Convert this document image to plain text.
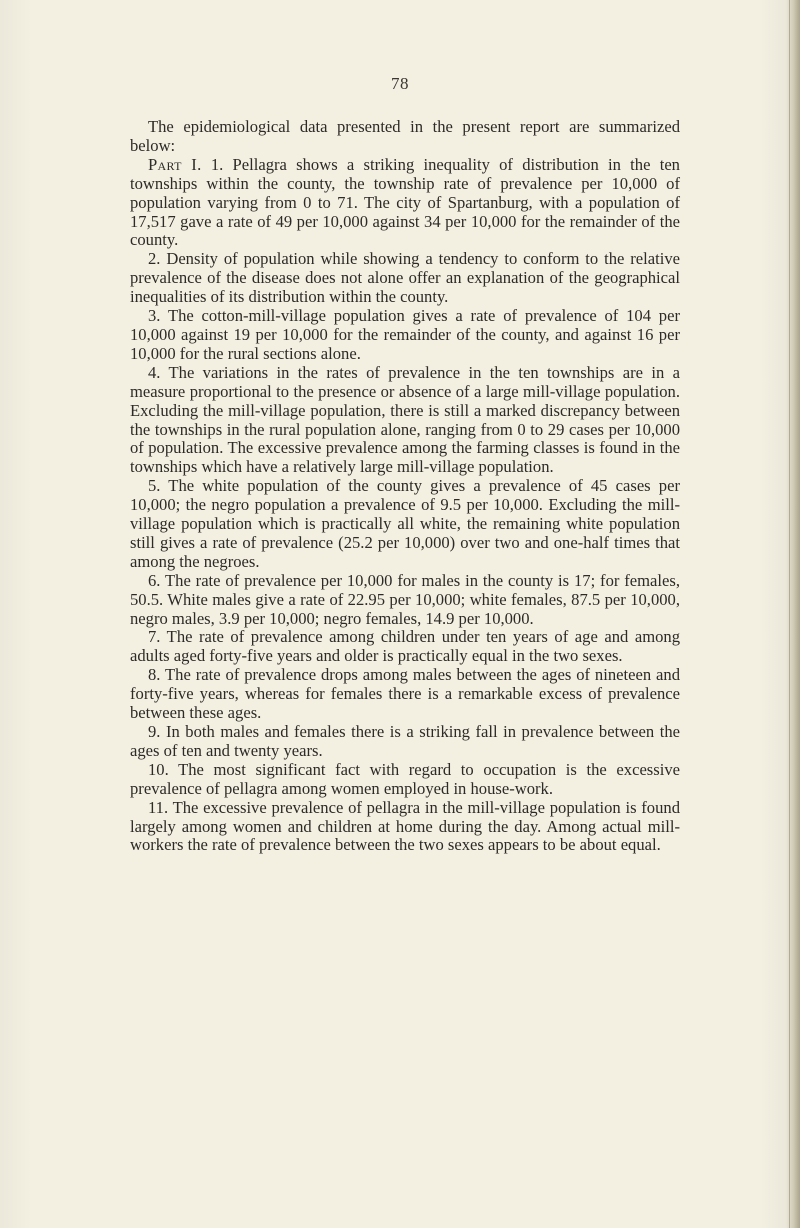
78

The epidemiological data presented in the present report are summarized below:

Part I. 1. Pellagra shows a striking inequality of distribution in the ten townships within the county, the township rate of prevalence per 10,000 of population varying from 0 to 71. The city of Spartanburg, with a population of 17,517 gave a rate of 49 per 10,000 against 34 per 10,000 for the remainder of the county.

2. Density of population while showing a tendency to conform to the relative prevalence of the disease does not alone offer an explanation of the geographical inequalities of its distribution within the county.

3. The cotton-mill-village population gives a rate of prevalence of 104 per 10,000 against 19 per 10,000 for the remainder of the county, and against 16 per 10,000 for the rural sections alone.

4. The variations in the rates of prevalence in the ten townships are in a measure proportional to the presence or absence of a large mill-village population. Excluding the mill-village population, there is still a marked discrepancy between the townships in the rural population alone, ranging from 0 to 29 cases per 10,000 of population. The excessive prevalence among the farming classes is found in the townships which have a relatively large mill-village population.

5. The white population of the county gives a prevalence of 45 cases per 10,000; the negro population a prevalence of 9.5 per 10,000. Excluding the mill-village population which is practically all white, the remaining white population still gives a rate of prevalence (25.2 per 10,000) over two and one-half times that among the negroes.

6. The rate of prevalence per 10,000 for males in the county is 17; for females, 50.5. White males give a rate of 22.95 per 10,000; white females, 87.5 per 10,000, negro males, 3.9 per 10,000; negro females, 14.9 per 10,000.

7. The rate of prevalence among children under ten years of age and among adults aged forty-five years and older is practically equal in the two sexes.

8. The rate of prevalence drops among males between the ages of nineteen and forty-five years, whereas for females there is a remarkable excess of prevalence between these ages.

9. In both males and females there is a striking fall in prevalence between the ages of ten and twenty years.

10. The most significant fact with regard to occupation is the excessive prevalence of pellagra among women employed in house-work.

11. The excessive prevalence of pellagra in the mill-village population is found largely among women and children at home during the day. Among actual mill-workers the rate of prevalence between the two sexes appears to be about equal.
